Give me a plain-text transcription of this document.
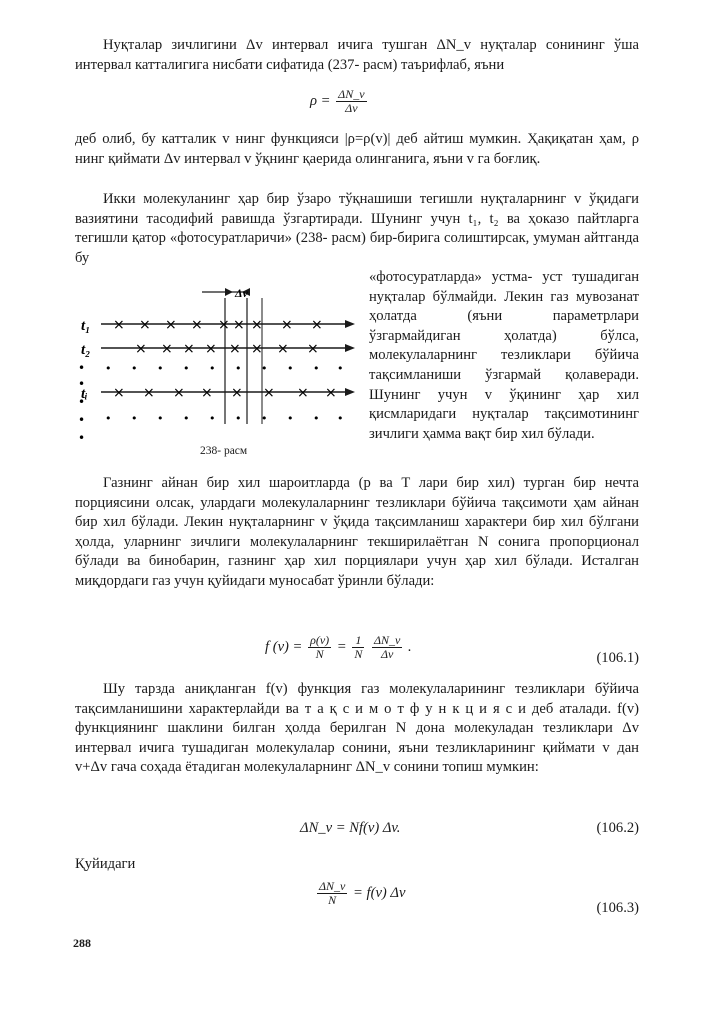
Нуқталар зичлигини Δv интервал ичига тушган ΔN_v нуқталар сонининг ўша интервал катталигига нисбати сифатида (237- расм) таърифлаб, яъни

$\rho = \frac{\Delta N\_v}{\Delta v}$

деб олиб, бу катталик v нинг функцияси |ρ=ρ(v)| деб айтиш мумкин. Ҳақиқатан ҳам, ρ нинг қиймати Δv интервал v ўқнинг қаерида олинганига, яъни v га боғлиқ.

Икки молекуланинг ҳар бир ўзаро тўқнашиши тегишли нуқталарнинг v ўқидаги вазиятини тасодифий равишда ўзгартиради. Шунинг учун t₁, t₂ ва ҳоказо пайтларга тегишли қатор «фотосуратларичи» (238- расм) бир-бирига солиштирсак, умуман айтганда бу

«фотосуратларда» устма- уст тушадиган нуқталар бўлмайди. Лекин газ мувозанат ҳолатда (яъни параметрлари ўзгармайдиган ҳолатда) бўлса, молекулаларнинг тезликлари бўйича тақсимланиши ўзгармай қолаверади. Шунинг учун v ўқининг ҳар хил қисмларидаги нуқталар тақсимотининг зичлиги ҳамма вақт бир хил бўлади.

Δv
t₁ × × × × × × × × ×
t₂	× × × × × × × ×
•
•
•
•
•
• • • • • • • • • •
tᵢ × × × × × × × ×
• • • • • • • • • •
238- расм

Газнинг айнан бир хил шароитларда (p ва T лари бир хил) турган бир нечта порциясини олсак, улардаги молекулаларнинг тезликлари бўйича тақсимоти ҳам айнан бир хил бўлади. Лекин нуқталарнинг v ўқида тақсимланиш характери бир хил бўлгани ҳолда, уларнинг зичлиги молекулаларнинг текширилаётган N сонига пропорционал бўлади ва бинобарин, газнинг ҳар хил порциялари учун ҳар хил бўлади. Исталган миқдордаги газ учун қуйидаги муносабат ўринли бўлади:

f $(v) = \frac{\rho(v)}{N} = \frac{1}{N}$
$\frac{\Delta N\_v}{\Delta v}$ .
(106.1)

Шу тарзда аниқланган f(v) функция газ молекулаларининг тезликлари бўйича тақсимланишини характерлайди ва т а қ с и м о т ф у н к ц и я с и деб аталади. f(v) функциянинг шаклини билган ҳолда берилган N дона молекуладан тезликлари Δv интервал ичига тушадиган молекулалар сонини, яъни тезликларининг қиймати v дан v+Δv гача соҳада ётадиган молекулаларнинг ΔN_v сонини топиш мумкин:

ΔN_v = Nf(v) Δv.	(106.2)
Қуйидаги
$\frac{\Delta N\_v}{N} = f(v)$ Δv
(106.3)
288
